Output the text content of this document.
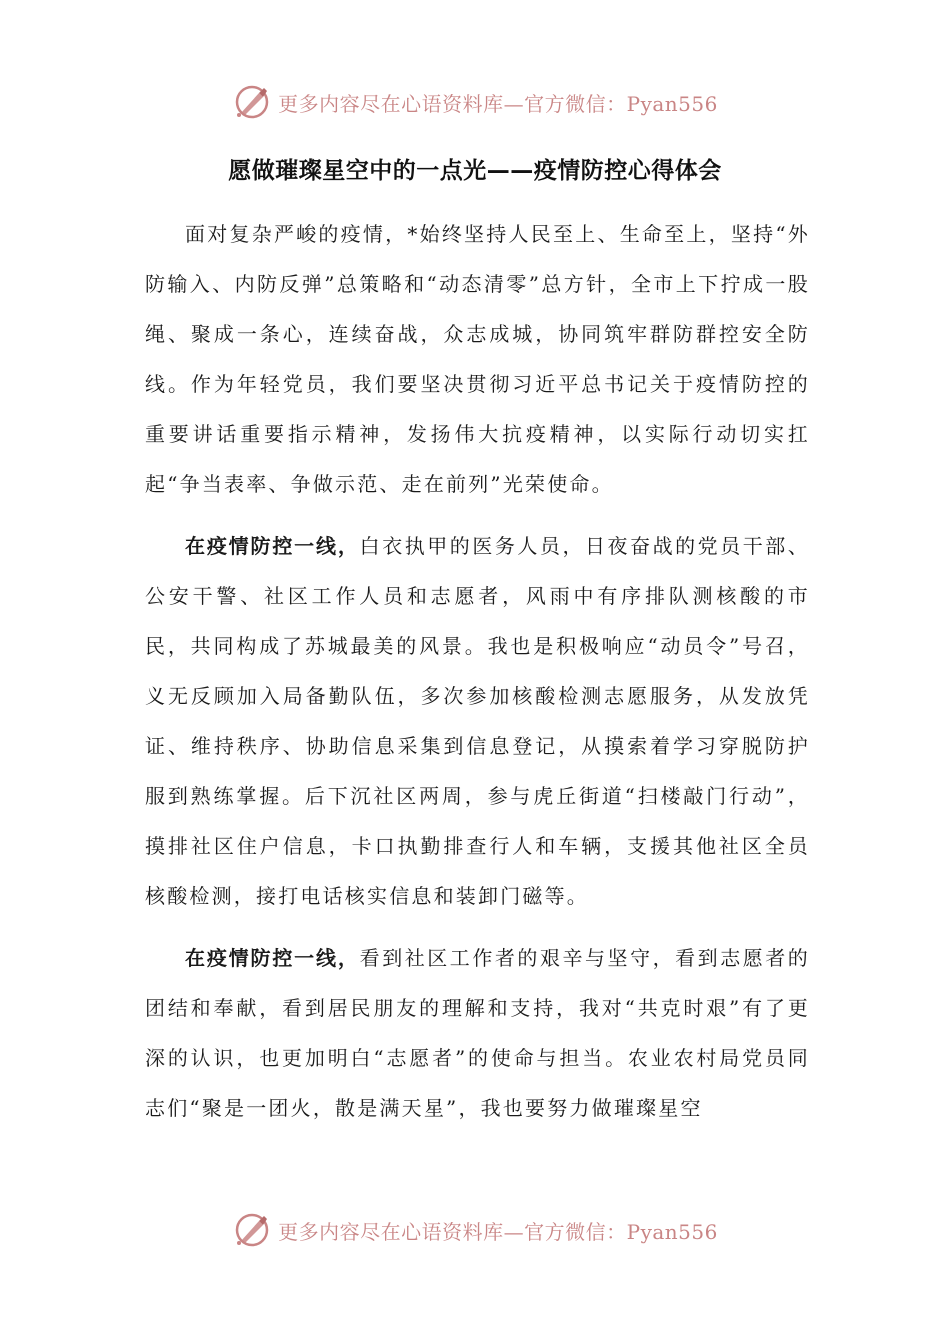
更多内容尽在心语资料库—官方微信：Pyan556
愿做璀璨星空中的一点光——疫情防控心得体会

面对复杂严峻的疫情，*始终坚持人民至上、生命至上，坚持“外防输入、内防反弹”总策略和“动态清零”总方针，全市上下拧成一股绳、聚成一条心，连续奋战，众志成城，协同筑牢群防群控安全防线。作为年轻党员，我们要坚决贯彻习近平总书记关于疫情防控的重要讲话重要指示精神，发扬伟大抗疫精神，以实际行动切实扛起“争当表率、争做示范、走在前列”光荣使命。

在疫情防控一线，白衣执甲的医务人员，日夜奋战的党员干部、公安干警、社区工作人员和志愿者，风雨中有序排队测核酸的市民，共同构成了苏城最美的风景。我也是积极响应“动员令”号召，义无反顾加入局备勤队伍，多次参加核酸检测志愿服务，从发放凭证、维持秩序、协助信息采集到信息登记，从摸索着学习穿脱防护服到熟练掌握。后下沉社区两周，参与虎丘街道“扫楼敲门行动”，摸排社区住户信息，卡口执勤排查行人和车辆，支援其他社区全员核酸检测，接打电话核实信息和装卸门磁等。

在疫情防控一线，看到社区工作者的艰辛与坚守，看到志愿者的团结和奉献，看到居民朋友的理解和支持，我对“共克时艰”有了更深的认识，也更加明白“志愿者”的使命与担当。农业农村局党员同志们“聚是一团火，散是满天星”，我也要努力做璀璨星空

更多内容尽在心语资料库—官方微信：Pyan556
